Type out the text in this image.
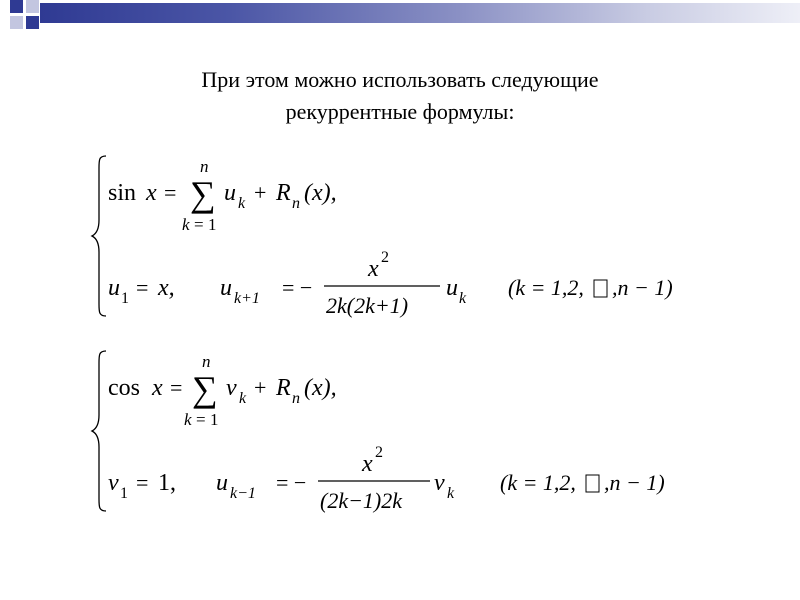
При этом можно использовать следующие
рекуррентные формулы:
sin x =
n
∑
k = 1
u k + R n (x),
u 1 = x, u k+1 = −
x 2
2k(2k+1)
u k (k = 1,2, ,n − 1)
cos x =
n
∑
k = 1
v k + R n (x),
v 1 = 1, u k−1 = −
x 2
(2k−1)2k
v k (k = 1,2, ,n − 1)
